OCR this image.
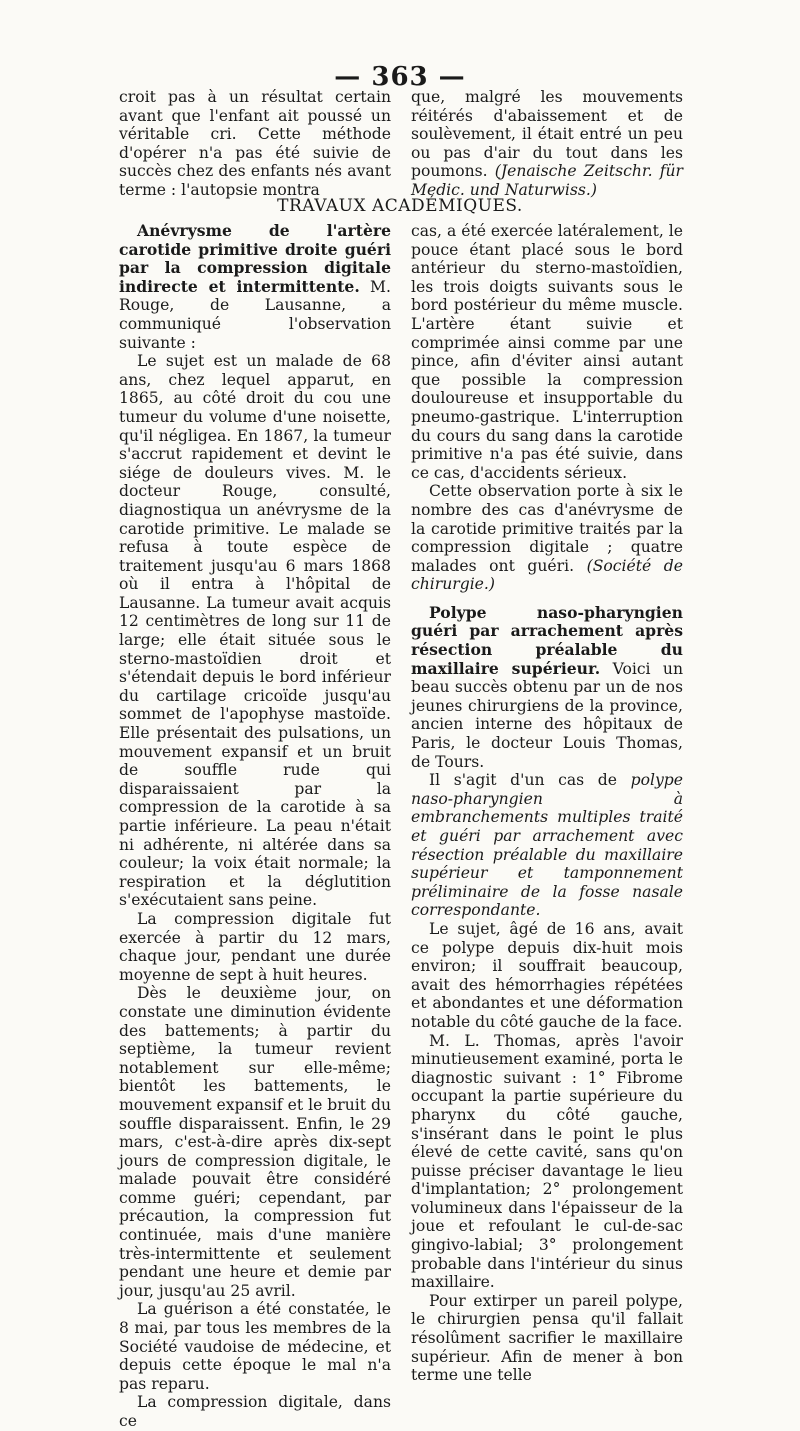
— 363 —

croit pas à un résultat certain avant que l'enfant ait poussé un véritable cri. Cette méthode d'opérer n'a pas été suivie de succès chez des enfants nés avant terme : l'autopsie montra

que, malgré les mouvements réitérés d'abaissement et de soulèvement, il était entré un peu ou pas d'air du tout dans les poumons. (Jenaische Zeitschr. für Medic. und Naturwiss.)

TRAVAUX ACADÉMIQUES.

Anévrysme de l'artère carotide primitive droite guéri par la compression digitale indirecte et intermittente. M. Rouge, de Lausanne, a communiqué l'observation suivante :

Le sujet est un malade de 68 ans, chez lequel apparut, en 1865, au côté droit du cou une tumeur du volume d'une noisette, qu'il négligea. En 1867, la tumeur s'accrut rapidement et devint le siége de douleurs vives. M. le docteur Rouge, consulté, diagnostiqua un anévrysme de la carotide primitive. Le malade se refusa à toute espèce de traitement jusqu'au 6 mars 1868 où il entra à l'hôpital de Lausanne. La tumeur avait acquis 12 centimètres de long sur 11 de large; elle était située sous le sterno-mastoïdien droit et s'étendait depuis le bord inférieur du cartilage cricoïde jusqu'au sommet de l'apophyse mastoïde. Elle présentait des pulsations, un mouvement expansif et un bruit de souffle rude qui disparaissaient par la compression de la carotide à sa partie inférieure. La peau n'était ni adhérente, ni altérée dans sa couleur; la voix était normale; la respiration et la déglutition s'exécutaient sans peine.

La compression digitale fut exercée à partir du 12 mars, chaque jour, pendant une durée moyenne de sept à huit heures.

Dès le deuxième jour, on constate une diminution évidente des battements; à partir du septième, la tumeur revient notablement sur elle-même; bientôt les battements, le mouvement expansif et le bruit du souffle disparaissent. Enfin, le 29 mars, c'est-à-dire après dix-sept jours de compression digitale, le malade pouvait être considéré comme guéri; cependant, par précaution, la compression fut continuée, mais d'une manière très-intermittente et seulement pendant une heure et demie par jour, jusqu'au 25 avril.

La guérison a été constatée, le 8 mai, par tous les membres de la Société vaudoise de médecine, et depuis cette époque le mal n'a pas reparu.

La compression digitale, dans ce

cas, a été exercée latéralement, le pouce étant placé sous le bord antérieur du sterno-mastoïdien, les trois doigts suivants sous le bord postérieur du même muscle. L'artère étant suivie et comprimée ainsi comme par une pince, afin d'éviter ainsi autant que possible la compression douloureuse et insupportable du pneumo-gastrique. L'interruption du cours du sang dans la carotide primitive n'a pas été suivie, dans ce cas, d'accidents sérieux.

Cette observation porte à six le nombre des cas d'anévrysme de la carotide primitive traités par la compression digitale ; quatre malades ont guéri. (Société de chirurgie.)

Polype naso-pharyngien guéri par arrachement après résection préalable du maxillaire supérieur. Voici un beau succès obtenu par un de nos jeunes chirurgiens de la province, ancien interne des hôpitaux de Paris, le docteur Louis Thomas, de Tours.

Il s'agit d'un cas de polype naso-pharyngien à embranchements multiples traité et guéri par arrachement avec résection préalable du maxillaire supérieur et tamponnement préliminaire de la fosse nasale correspondante.

Le sujet, âgé de 16 ans, avait ce polype depuis dix-huit mois environ; il souffrait beaucoup, avait des hémorrhagies répétées et abondantes et une déformation notable du côté gauche de la face.

M. L. Thomas, après l'avoir minutieusement examiné, porta le diagnostic suivant : 1° Fibrome occupant la partie supérieure du pharynx du côté gauche, s'insérant dans le point le plus élevé de cette cavité, sans qu'on puisse préciser davantage le lieu d'implantation; 2° prolongement volumineux dans l'épaisseur de la joue et refoulant le cul-de-sac gingivo-labial; 3° prolongement probable dans l'intérieur du sinus maxillaire.

Pour extirper un pareil polype, le chirurgien pensa qu'il fallait résolûment sacrifier le maxillaire supérieur. Afin de mener à bon terme une telle
